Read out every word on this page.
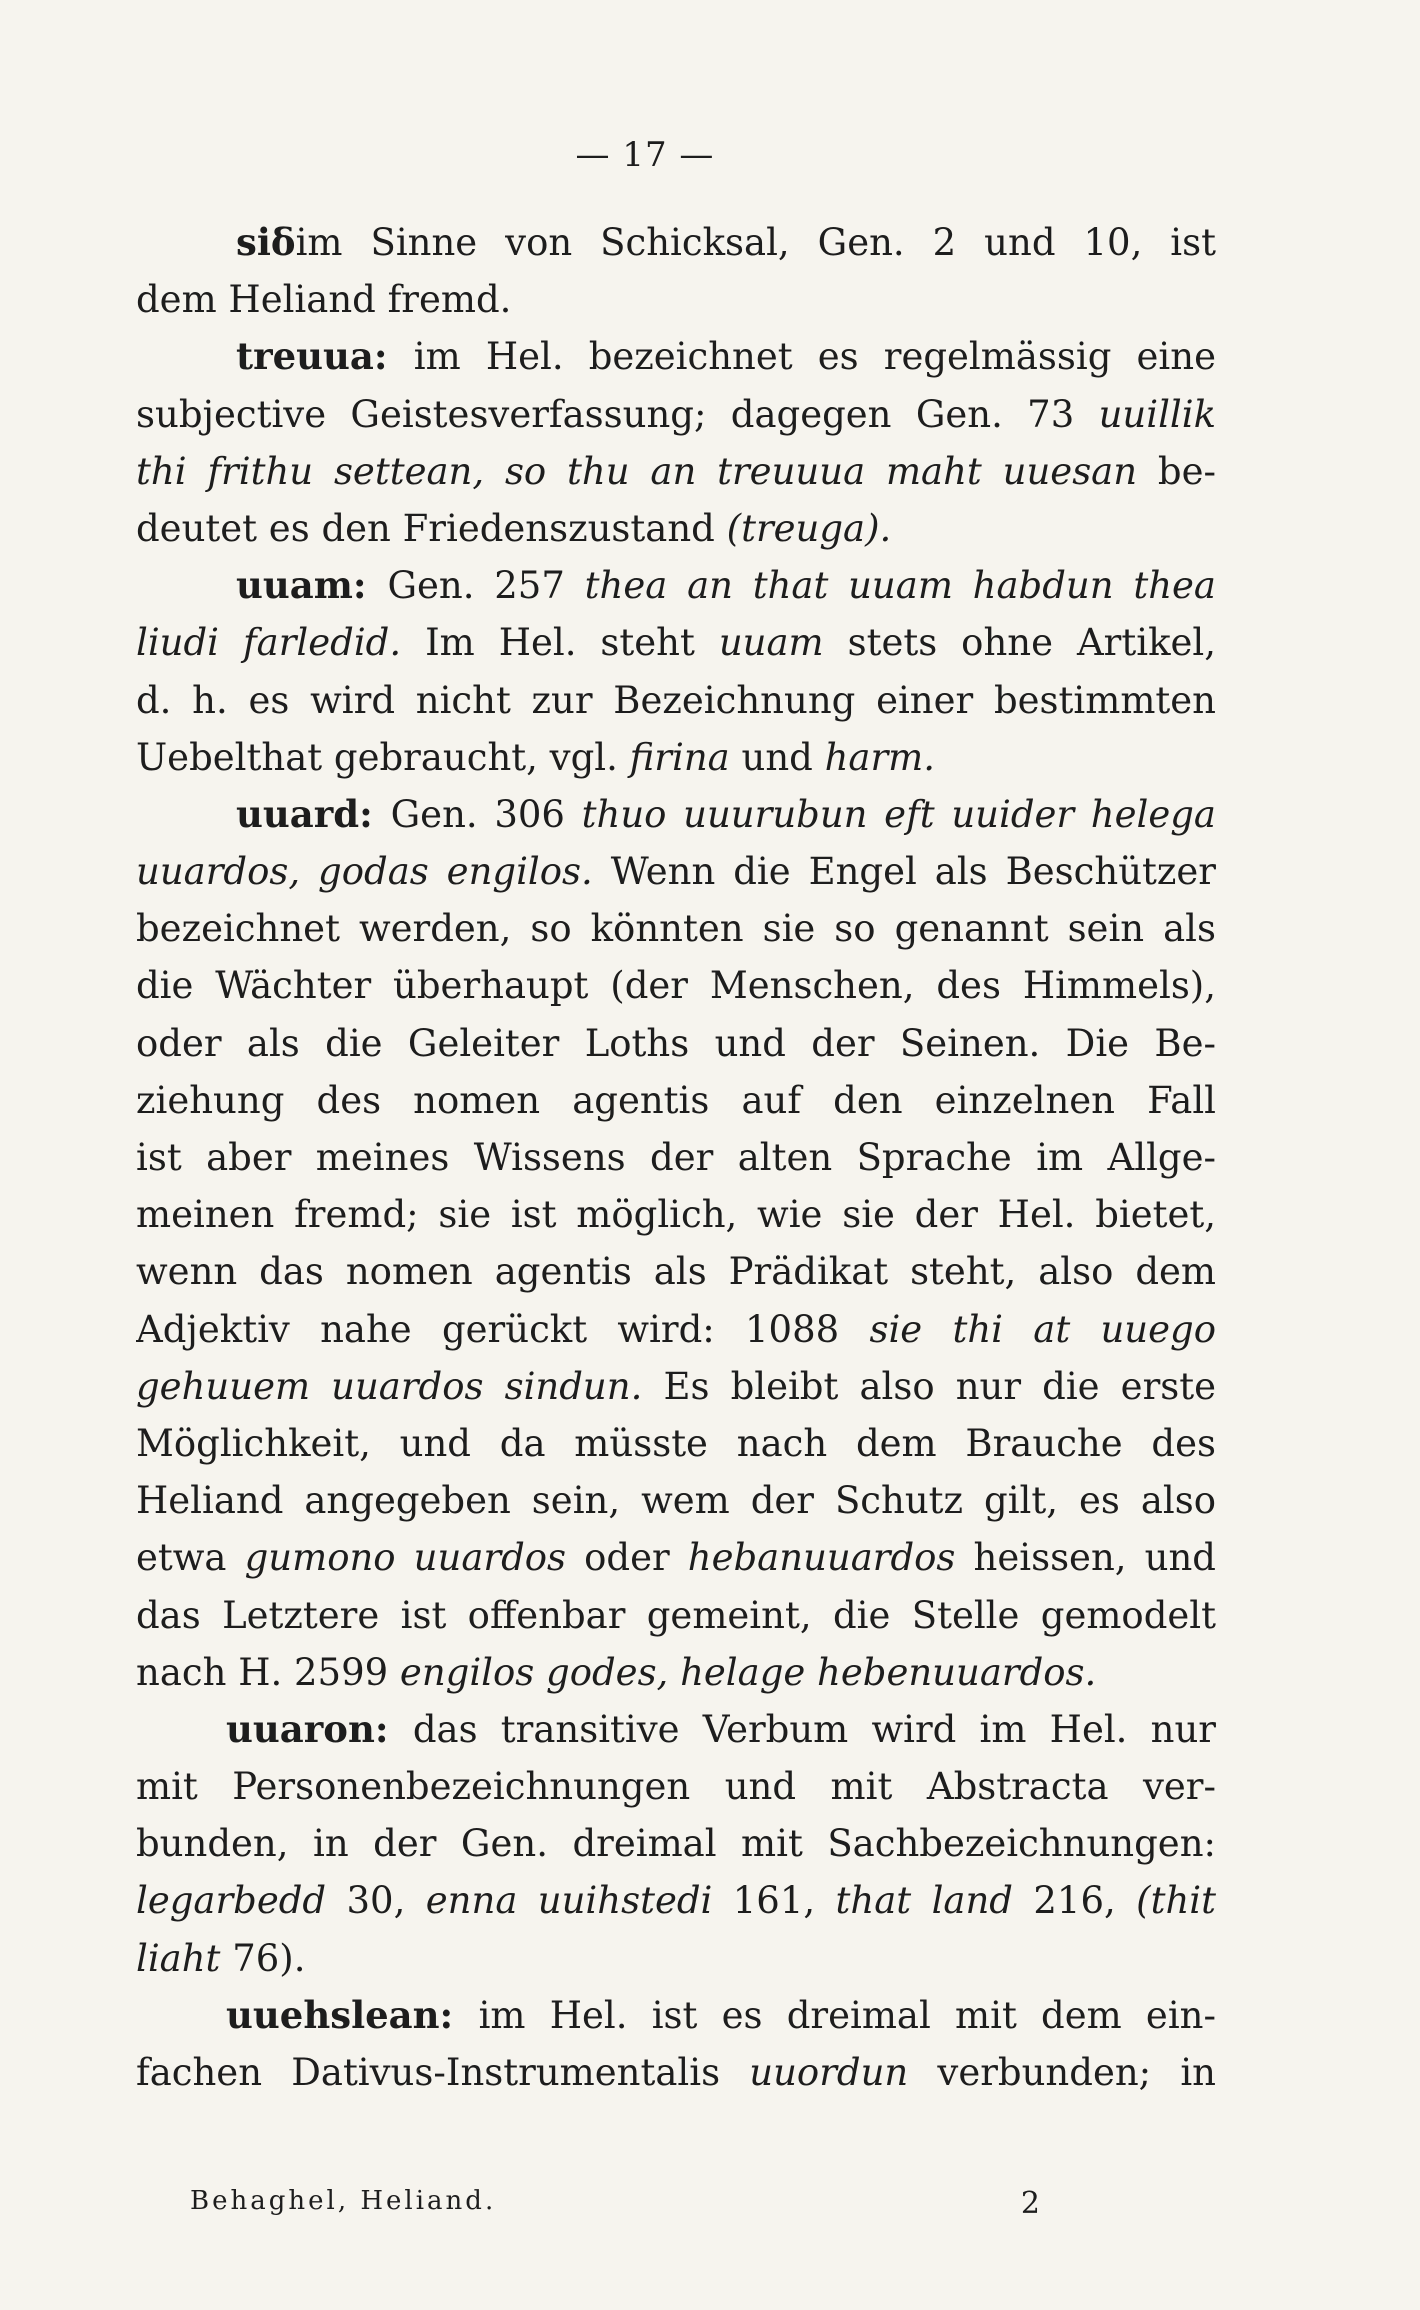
— 17 —
siδim Sinne von Schicksal, Gen. 2 und 10, ist
dem Heliand fremd.
treuua: im Hel. bezeichnet es regelmässig eine
subjective Geistesverfassung; dagegen Gen. 73 uuillik
thi frithu settean, so thu an treuuua maht uuesan be-
deutet es den Friedenszustand (treuga).
uuam: Gen. 257 thea an that uuam habdun thea
liudi farledid. Im Hel. steht uuam stets ohne Artikel,
d. h. es wird nicht zur Bezeichnung einer bestimmten
Uebelthat gebraucht, vgl. firina und harm.
uuard: Gen. 306 thuo uuurubun eft uuider helega
uuardos, godas engilos. Wenn die Engel als Beschützer
bezeichnet werden, so könnten sie so genannt sein als
die Wächter überhaupt (der Menschen, des Himmels),
oder als die Geleiter Loths und der Seinen. Die Be-
ziehung des nomen agentis auf den einzelnen Fall
ist aber meines Wissens der alten Sprache im Allge-
meinen fremd; sie ist möglich, wie sie der Hel. bietet,
wenn das nomen agentis als Prädikat steht, also dem
Adjektiv nahe gerückt wird: 1088 sie thi at uuego
gehuuem uuardos sindun. Es bleibt also nur die erste
Möglichkeit, und da müsste nach dem Brauche des
Heliand angegeben sein, wem der Schutz gilt, es also
etwa gumono uuardos oder hebanuuardos heissen, und
das Letztere ist offenbar gemeint, die Stelle gemodelt
nach H. 2599 engilos godes, helage hebenuuardos.
uuaron: das transitive Verbum wird im Hel. nur
mit Personenbezeichnungen und mit Abstracta ver-
bunden, in der Gen. dreimal mit Sachbezeichnungen:
legarbedd 30, enna uuihstedi 161, that land 216, (thit
liaht 76).
uuehslean: im Hel. ist es dreimal mit dem ein-
fachen Dativus-Instrumentalis uuordun verbunden; in
Behaghel, Heliand.	2
